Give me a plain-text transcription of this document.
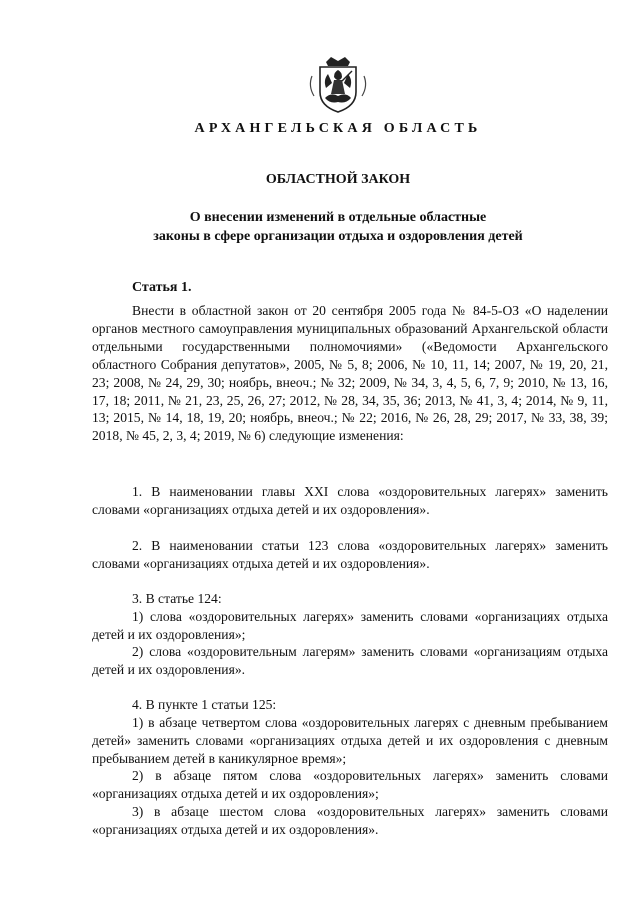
АРХАНГЕЛЬСКАЯ ОБЛАСТЬ
ОБЛАСТНОЙ ЗАКОН
О внесении изменений в отдельные областные
законы в сфере организации отдыха и оздоровления детей
Статья 1.

Внести в областной закон от 20 сентября 2005 года № 84-5-ОЗ «О наделении органов местного самоуправления муниципальных образований Архангельской области отдельными государственными полномочиями» («Ведомости Архангельского областного Собрания депутатов», 2005, № 5, 8; 2006, № 10, 11, 14; 2007, № 19, 20, 21, 23; 2008, № 24, 29, 30; ноябрь, внеоч.; № 32; 2009, № 34, 3, 4, 5, 6, 7, 9; 2010, № 13, 16, 17, 18; 2011, № 21, 23, 25, 26, 27; 2012, № 28, 34, 35, 36; 2013, № 41, 3, 4; 2014, № 9, 11, 13; 2015, № 14, 18, 19, 20; ноябрь, внеоч.; № 22; 2016, № 26, 28, 29; 2017, № 33, 38, 39; 2018, № 45, 2, 3, 4; 2019, № 6) следующие изменения:

1. В наименовании главы XXI слова «оздоровительных лагерях» заменить словами «организациях отдыха детей и их оздоровления».

2. В наименовании статьи 123 слова «оздоровительных лагерях» заменить словами «организациях отдыха детей и их оздоровления».

3. В статье 124:

1) слова «оздоровительных лагерях» заменить словами «организациях отдыха детей и их оздоровления»;

2) слова «оздоровительным лагерям» заменить словами «организациям отдыха детей и их оздоровления».

4. В пункте 1 статьи 125:

1) в абзаце четвертом слова «оздоровительных лагерях с дневным пребыванием детей» заменить словами «организациях отдыха детей и их оздоровления с дневным пребыванием детей в каникулярное время»;

2) в абзаце пятом слова «оздоровительных лагерях» заменить словами «организациях отдыха детей и их оздоровления»;

3) в абзаце шестом слова «оздоровительных лагерях» заменить словами «организациях отдыха детей и их оздоровления».
